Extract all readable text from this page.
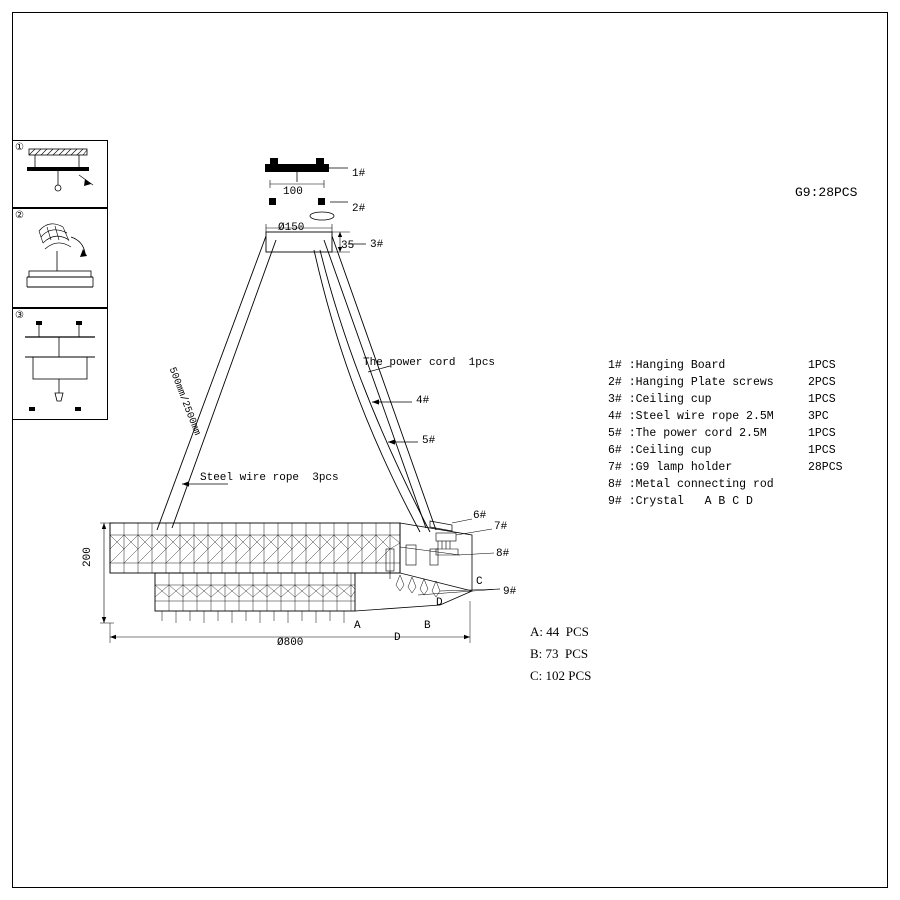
①
②
③
G9:28PCS
1#
100
2#
Ø150
35 3#
The power cord  1pcs
4#
5#
Steel wire rope  3pcs
500mm/2500mm
200
Ø800
6#
7#
8#
9#
A	B
D
C
D
1# :Hanging Board	1PCS
2# :Hanging Plate screws	2PCS
3# :Ceiling cup	1PCS
4# :Steel wire rope 2.5M	3PC
5# :The power cord 2.5M	1PCS
6# :Ceiling cup	1PCS
7# :G9 lamp holder	28PCS
8# :Metal connecting rod
9# :Crystal   A B C D
A: 44  PCS
B: 73  PCS
C: 102 PCS
